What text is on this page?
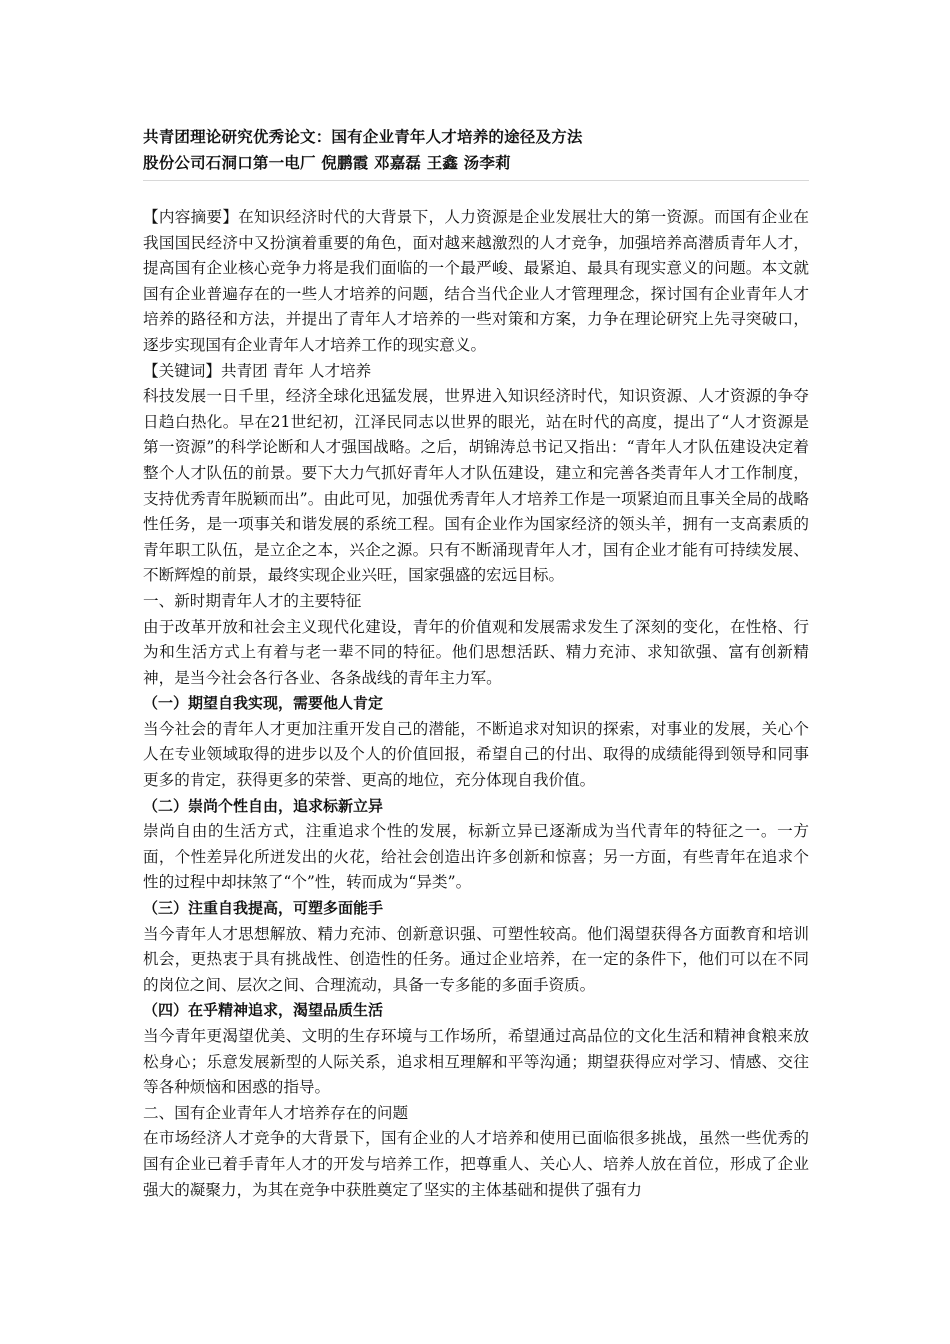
共青团理论研究优秀论文：国有企业青年人才培养的途径及方法
股份公司石洞口第一电厂 倪鹏霞 邓嘉磊 王鑫 汤李莉

【内容摘要】在知识经济时代的大背景下，人力资源是企业发展壮大的第一资源。而国有企业在我国国民经济中又扮演着重要的角色，面对越来越激烈的人才竞争，加强培养高潜质青年人才，提高国有企业核心竞争力将是我们面临的一个最严峻、最紧迫、最具有现实意义的问题。本文就国有企业普遍存在的一些人才培养的问题，结合当代企业人才管理理念，探讨国有企业青年人才培养的路径和方法，并提出了青年人才培养的一些对策和方案，力争在理论研究上先寻突破口，逐步实现国有企业青年人才培养工作的现实意义。

【关键词】共青团 青年 人才培养

科技发展一日千里，经济全球化迅猛发展，世界进入知识经济时代，知识资源、人才资源的争夺日趋白热化。早在21世纪初，江泽民同志以世界的眼光，站在时代的高度，提出了“人才资源是第一资源”的科学论断和人才强国战略。之后，胡锦涛总书记又指出：“青年人才队伍建设决定着整个人才队伍的前景。要下大力气抓好青年人才队伍建设，建立和完善各类青年人才工作制度，支持优秀青年脱颖而出”。由此可见，加强优秀青年人才培养工作是一项紧迫而且事关全局的战略性任务，是一项事关和谐发展的系统工程。国有企业作为国家经济的领头羊，拥有一支高素质的青年职工队伍，是立企之本，兴企之源。只有不断涌现青年人才，国有企业才能有可持续发展、不断辉煌的前景，最终实现企业兴旺，国家强盛的宏远目标。

一、新时期青年人才的主要特征

由于改革开放和社会主义现代化建设，青年的价值观和发展需求发生了深刻的变化，在性格、行为和生活方式上有着与老一辈不同的特征。他们思想活跃、精力充沛、求知欲强、富有创新精神，是当今社会各行各业、各条战线的青年主力军。

（一）期望自我实现，需要他人肯定

当今社会的青年人才更加注重开发自己的潜能，不断追求对知识的探索，对事业的发展，关心个人在专业领域取得的进步以及个人的价值回报，希望自己的付出、取得的成绩能得到领导和同事更多的肯定，获得更多的荣誉、更高的地位，充分体现自我价值。

（二）崇尚个性自由，追求标新立异

崇尚自由的生活方式，注重追求个性的发展，标新立异已逐渐成为当代青年的特征之一。一方面，个性差异化所迸发出的火花，给社会创造出许多创新和惊喜；另一方面，有些青年在追求个性的过程中却抹煞了“个”性，转而成为“异类”。

（三）注重自我提高，可塑多面能手

当今青年人才思想解放、精力充沛、创新意识强、可塑性较高。他们渴望获得各方面教育和培训机会，更热衷于具有挑战性、创造性的任务。通过企业培养，在一定的条件下，他们可以在不同的岗位之间、层次之间、合理流动，具备一专多能的多面手资质。

（四）在乎精神追求，渴望品质生活

当今青年更渴望优美、文明的生存环境与工作场所，希望通过高品位的文化生活和精神食粮来放松身心；乐意发展新型的人际关系，追求相互理解和平等沟通；期望获得应对学习、情感、交往等各种烦恼和困惑的指导。

二、国有企业青年人才培养存在的问题

在市场经济人才竞争的大背景下，国有企业的人才培养和使用已面临很多挑战，虽然一些优秀的国有企业已着手青年人才的开发与培养工作，把尊重人、关心人、培养人放在首位，形成了企业强大的凝聚力，为其在竞争中获胜奠定了坚实的主体基础和提供了强有力
